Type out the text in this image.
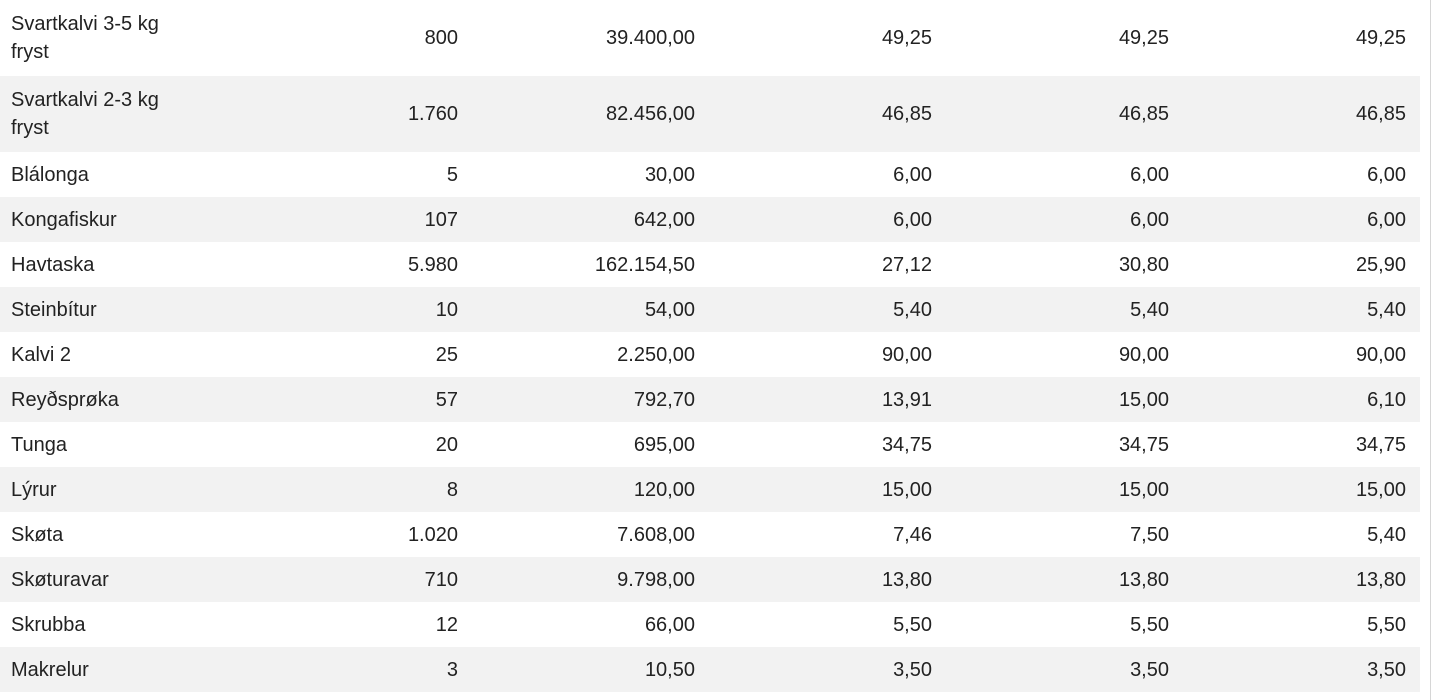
Svartkalvi 3-5 kg fryst	800	39.400,00	49,25	49,25	49,25
Svartkalvi 2-3 kg fryst	1.760	82.456,00	46,85	46,85	46,85
Blálonga	5	30,00	6,00	6,00	6,00
Kongafiskur	107	642,00	6,00	6,00	6,00
Havtaska	5.980	162.154,50	27,12	30,80	25,90
Steinbítur	10	54,00	5,40	5,40	5,40
Kalvi 2	25	2.250,00	90,00	90,00	90,00
Reyðsprøka	57	792,70	13,91	15,00	6,10
Tunga	20	695,00	34,75	34,75	34,75
Lýrur	8	120,00	15,00	15,00	15,00
Skøta	1.020	7.608,00	7,46	7,50	5,40
Skøturavar	710	9.798,00	13,80	13,80	13,80
Skrubba	12	66,00	5,50	5,50	5,50
Makrelur	3	10,50	3,50	3,50	3,50
